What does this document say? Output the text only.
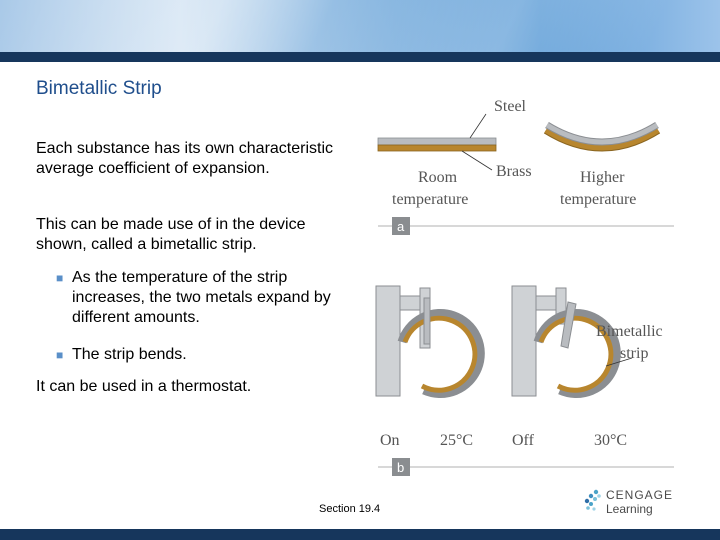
Bimetallic Strip
Each substance has its own characteristic average coefficient of expansion.
This can be made use of in the device shown, called a bimetallic strip.
■ As the temperature of the strip increases, the two metals expand by different amounts.
■ The strip bends.
It can be used in a thermostat.
Steel
Brass
Room
temperature
Higher
temperature
a
On	25°C
Bimetallic
strip
Off	30°C
b
Section 19.4
CENGAGE
Learning
